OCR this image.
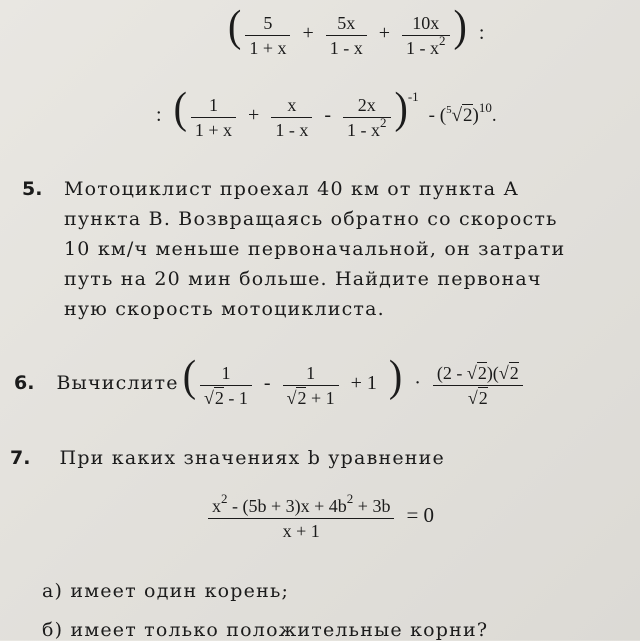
( $\frac{5}{1 + x} + \frac{5x}{1 - x} + \frac{10x}{1 - x^2}$ ) :
: ( $\frac{1}{1 + x} + \frac{x}{1 - x} - \frac{2x}{1 - x^2} )^{-1} - (^5√2)^{10}$.
5. Мотоциклист проехал 40 км от пункта А
пункта В. Возвращаясь обратно со скорость
10 км/ч меньше первоначальной, он затрати
путь на 20 мин больше. Найдите первонач
ную скорость мотоциклиста.
6. Вычислите ( $\frac{1}{√2 - 1} - \frac{1}{√2 + 1} + 1$ ) · $\frac{(2 - √2)(√2}{√2}$
7. При каких значениях b уравнение
$\frac{x^2 - (5b + 3)x + 4b^2 + 3b}{x + 1} = 0$
а) имеет один корень;
б) имеет только положительные корни?
